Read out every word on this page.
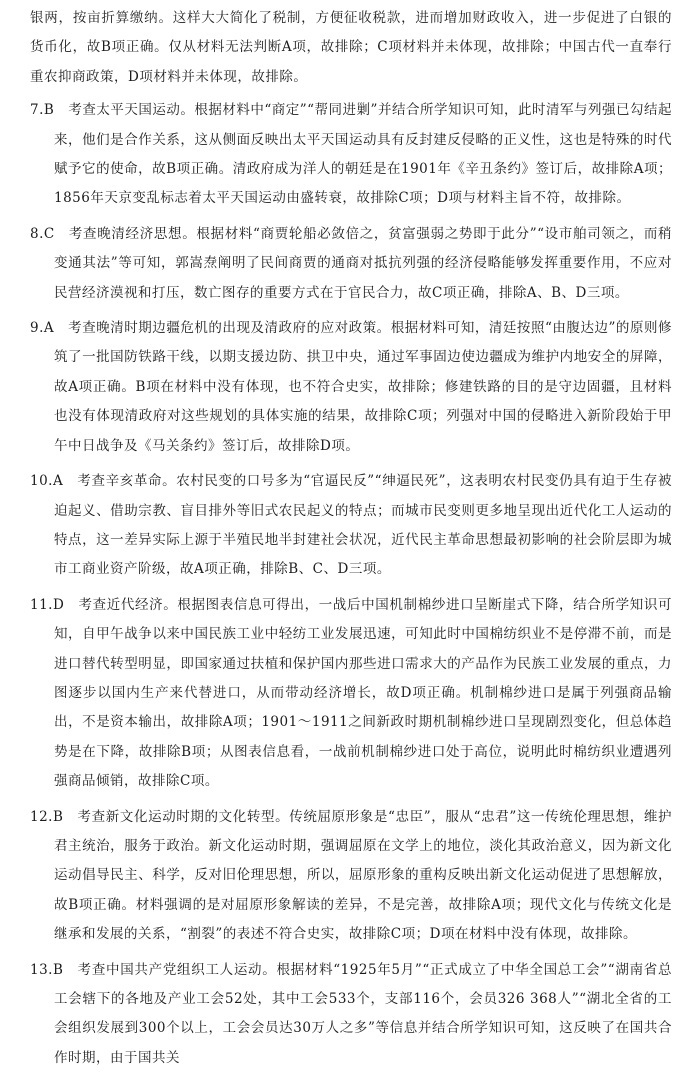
银两，按亩折算缴纳。这样大大简化了税制，方便征收税款，进而增加财政收入，进一步促进了白银的货币化，故B项正确。仅从材料无法判断A项，故排除；C项材料并未体现，故排除；中国古代一直奉行重农抑商政策，D项材料并未体现，故排除。

7.B 考查太平天国运动。根据材料中“商定”“帮同进剿”并结合所学知识可知，此时清军与列强已勾结起来，他们是合作关系，这从侧面反映出太平天国运动具有反封建反侵略的正义性，这也是特殊的时代赋予它的使命，故B项正确。清政府成为洋人的朝廷是在1901年《辛丑条约》签订后，故排除A项；1856年天京变乱标志着太平天国运动由盛转衰，故排除C项；D项与材料主旨不符，故排除。

8.C 考查晚清经济思想。根据材料“商贾轮船必敛倍之，贫富强弱之势即于此分”“设市舶司领之，而稍变通其法”等可知，郭嵩焘阐明了民间商贾的通商对抵抗列强的经济侵略能够发挥重要作用，不应对民营经济漠视和打压，数亡图存的重要方式在于官民合力，故C项正确，排除A、B、D三项。

9.A 考查晚清时期边疆危机的出现及清政府的应对政策。根据材料可知，清廷按照“由腹达边”的原则修筑了一批国防铁路干线，以期支援边防、拱卫中央，通过军事固边使边疆成为维护内地安全的屏障，故A项正确。B项在材料中没有体现，也不符合史实，故排除；修建铁路的目的是守边固疆，且材料也没有体现清政府对这些规划的具体实施的结果，故排除C项；列强对中国的侵略进入新阶段始于甲午中日战争及《马关条约》签订后，故排除D项。

10.A 考查辛亥革命。农村民变的口号多为“官逼民反”“绅逼民死”，这表明农村民变仍具有迫于生存被迫起义、借助宗教、盲目排外等旧式农民起义的特点；而城市民变则更多地呈现出近代化工人运动的特点，这一差异实际上源于半殖民地半封建社会状况，近代民主革命思想最初影响的社会阶层即为城市工商业资产阶级，故A项正确，排除B、C、D三项。

11.D 考查近代经济。根据图表信息可得出，一战后中国机制棉纱进口呈断崖式下降，结合所学知识可知，自甲午战争以来中国民族工业中轻纺工业发展迅速，可知此时中国棉纺织业不是停滞不前，而是进口替代转型明显，即国家通过扶植和保护国内那些进口需求大的产品作为民族工业发展的重点，力图逐步以国内生产来代替进口，从而带动经济增长，故D项正确。机制棉纱进口是属于列强商品输出，不是资本输出，故排除A项；1901～1911之间新政时期机制棉纱进口呈现剧烈变化，但总体趋势是在下降，故排除B项；从图表信息看，一战前机制棉纱进口处于高位，说明此时棉纺织业遭遇列强商品倾销，故排除C项。

12.B 考查新文化运动时期的文化转型。传统屈原形象是“忠臣”，服从“忠君”这一传统伦理思想，维护君主统治，服务于政治。新文化运动时期，强调屈原在文学上的地位，淡化其政治意义，因为新文化运动倡导民主、科学，反对旧伦理思想，所以，屈原形象的重构反映出新文化运动促进了思想解放，故B项正确。材料强调的是对屈原形象解读的差异，不是完善，故排除A项；现代文化与传统文化是继承和发展的关系，“割裂”的表述不符合史实，故排除C项；D项在材料中没有体现，故排除。

13.B 考查中国共产党组织工人运动。根据材料“1925年5月”“正式成立了中华全国总工会”“湖南省总工会辖下的各地及产业工会52处，其中工会533个，支部116个，会员326 368人”“湖北全省的工会组织发展到300个以上，工会会员达30万人之多”等信息并结合所学知识可知，这反映了在国共合作时期，由于国共关
